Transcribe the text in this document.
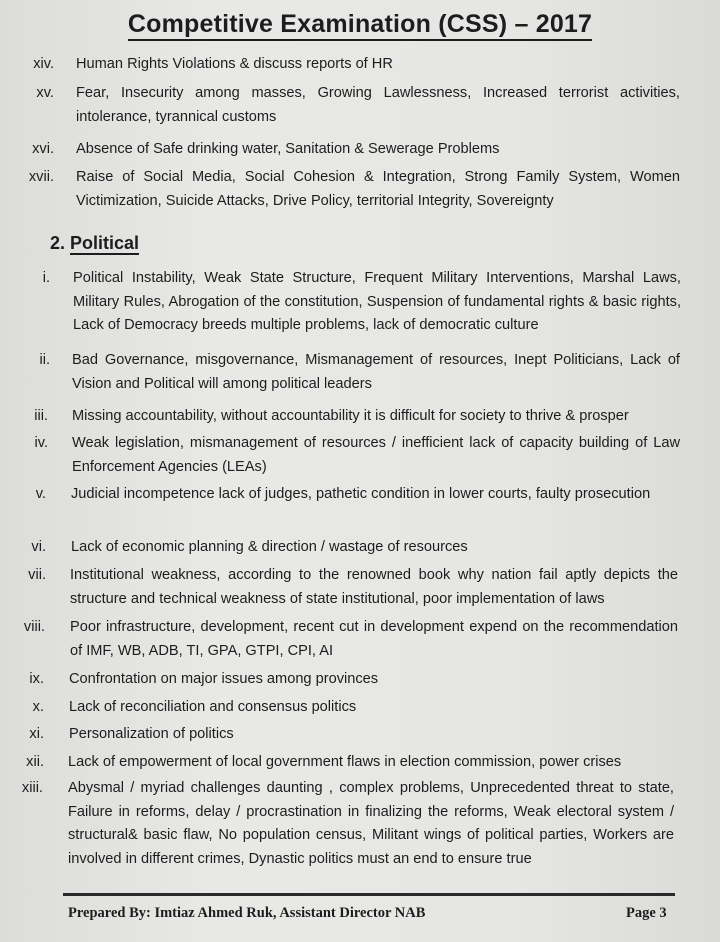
Competitive Examination (CSS) – 2017
xiv. Human Rights Violations & discuss reports of HR
xv. Fear, Insecurity among masses, Growing Lawlessness, Increased terrorist activities, intolerance, tyrannical customs
xvi. Absence of Safe drinking water, Sanitation & Sewerage Problems
xvii. Raise of Social Media, Social Cohesion & Integration, Strong Family System, Women Victimization, Suicide Attacks, Drive Policy, territorial Integrity, Sovereignty
2. Political
i. Political Instability, Weak State Structure, Frequent Military Interventions, Marshal Laws, Military Rules, Abrogation of the constitution, Suspension of fundamental rights & basic rights, Lack of Democracy breeds multiple problems, lack of democratic culture
ii. Bad Governance, misgovernance, Mismanagement of resources, Inept Politicians, Lack of Vision and Political will among political leaders
iii. Missing accountability, without accountability it is difficult for society to thrive & prosper
iv. Weak legislation, mismanagement of resources / inefficient lack of capacity building of Law Enforcement Agencies (LEAs)
v. Judicial incompetence lack of judges, pathetic condition in lower courts, faulty prosecution
vi. Lack of economic planning & direction / wastage of resources
vii. Institutional weakness, according to the renowned book why nation fail aptly depicts the structure and technical weakness of state institutional, poor implementation of laws
viii. Poor infrastructure, development, recent cut in development expend on the recommendation of IMF, WB, ADB, TI, GPA, GTPI, CPI, AI
ix. Confrontation on major issues among provinces
x. Lack of reconciliation and consensus politics
xi. Personalization of politics
xii. Lack of empowerment of local government flaws in election commission, power crises
xiii. Abysmal / myriad challenges daunting , complex problems, Unprecedented threat to state, Failure in reforms, delay / procrastination in finalizing the reforms, Weak electoral system / structural& basic flaw, No population census, Militant wings of political parties, Workers are involved in different crimes, Dynastic politics must an end to ensure true
Prepared By: Imtiaz Ahmed Ruk, Assistant Director NAB	Page 3
